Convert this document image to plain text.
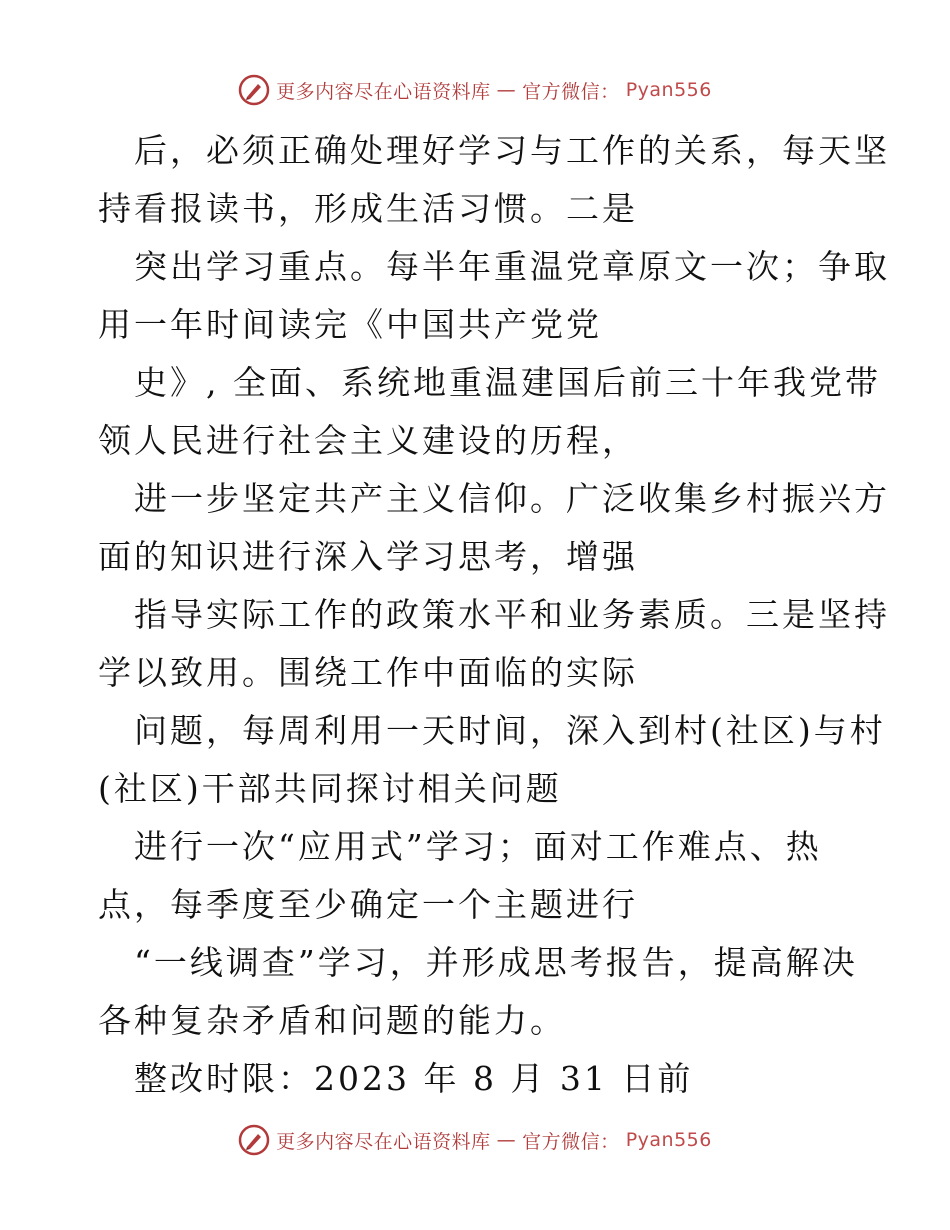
更多内容尽在心语资料库 — 官方微信： Pyan556

后，必须正确处理好学习与工作的关系，每天坚
持看报读书，形成生活习惯。二是

突出学习重点。每半年重温党章原文一次；争取
用一年时间读完《中国共产党党

史》, 全面、系统地重温建国后前三十年我党带
领人民进行社会主义建设的历程，

进一步坚定共产主义信仰。广泛收集乡村振兴方
面的知识进行深入学习思考，增强

指导实际工作的政策水平和业务素质。三是坚持
学以致用。围绕工作中面临的实际

问题，每周利用一天时间，深入到村(社区)与村
(社区)干部共同探讨相关问题

进行一次“应用式”学习；面对工作难点、热
点，每季度至少确定一个主题进行

“一线调查”学习，并形成思考报告，提高解决
各种复杂矛盾和问题的能力。

整改时限：2023 年 8 月 31 日前

更多内容尽在心语资料库 — 官方微信： Pyan556
